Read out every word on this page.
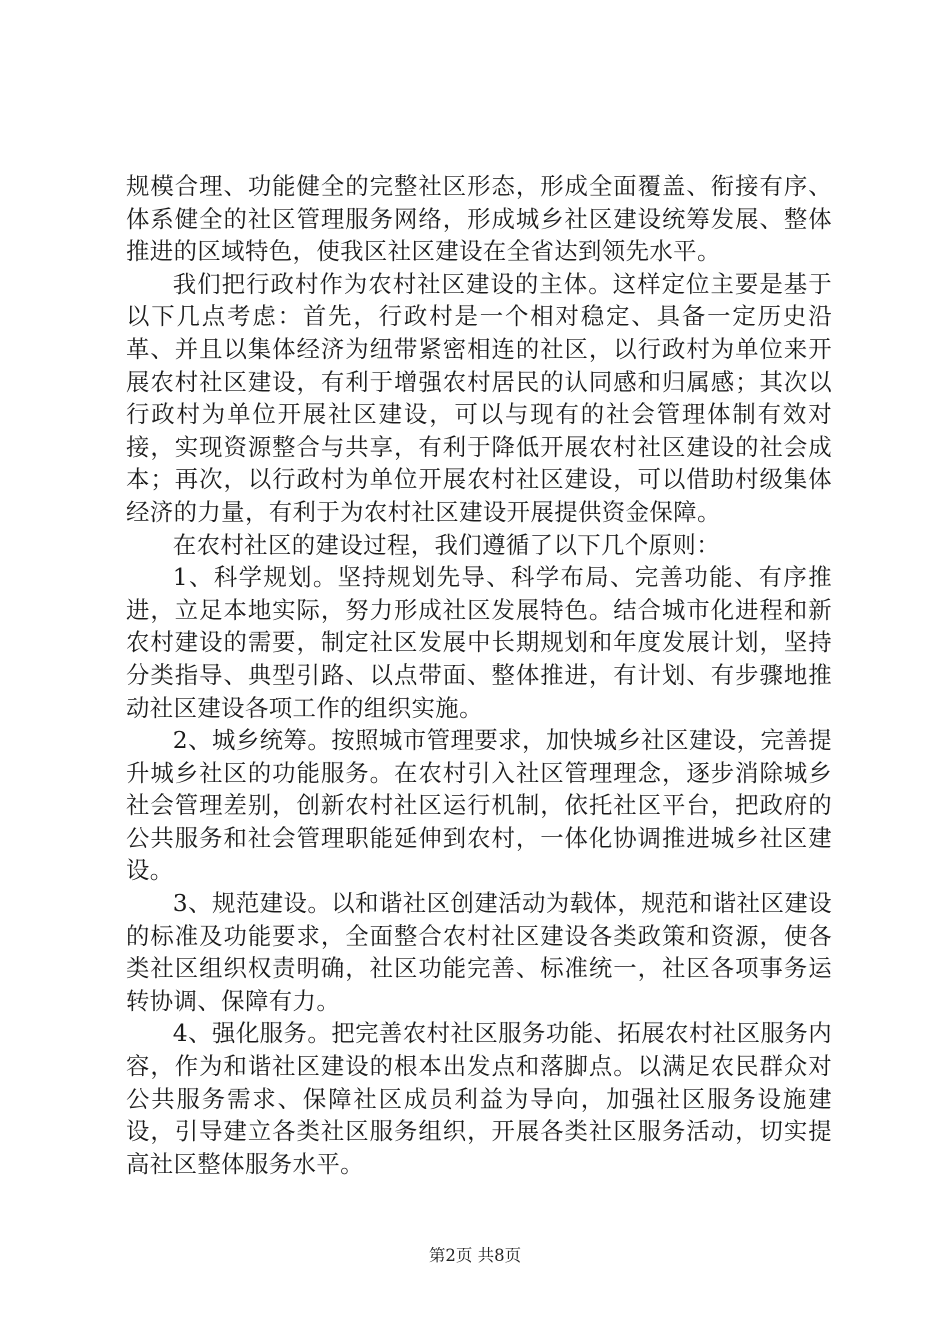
规模合理、功能健全的完整社区形态，形成全面覆盖、衔接有序、体系健全的社区管理服务网络，形成城乡社区建设统筹发展、整体推进的区域特色，使我区社区建设在全省达到领先水平。

我们把行政村作为农村社区建设的主体。这样定位主要是基于以下几点考虑：首先，行政村是一个相对稳定、具备一定历史沿革、并且以集体经济为纽带紧密相连的社区，以行政村为单位来开展农村社区建设，有利于增强农村居民的认同感和归属感；其次以行政村为单位开展社区建设，可以与现有的社会管理体制有效对接，实现资源整合与共享，有利于降低开展农村社区建设的社会成本；再次，以行政村为单位开展农村社区建设，可以借助村级集体经济的力量，有利于为农村社区建设开展提供资金保障。

在农村社区的建设过程，我们遵循了以下几个原则：

1、科学规划。坚持规划先导、科学布局、完善功能、有序推进，立足本地实际，努力形成社区发展特色。结合城市化进程和新农村建设的需要，制定社区发展中长期规划和年度发展计划，坚持分类指导、典型引路、以点带面、整体推进，有计划、有步骤地推动社区建设各项工作的组织实施。

2、城乡统筹。按照城市管理要求，加快城乡社区建设，完善提升城乡社区的功能服务。在农村引入社区管理理念，逐步消除城乡社会管理差别，创新农村社区运行机制，依托社区平台，把政府的公共服务和社会管理职能延伸到农村，一体化协调推进城乡社区建设。

3、规范建设。以和谐社区创建活动为载体，规范和谐社区建设的标准及功能要求，全面整合农村社区建设各类政策和资源，使各类社区组织权责明确，社区功能完善、标准统一，社区各项事务运转协调、保障有力。

4、强化服务。把完善农村社区服务功能、拓展农村社区服务内容，作为和谐社区建设的根本出发点和落脚点。以满足农民群众对公共服务需求、保障社区成员利益为导向，加强社区服务设施建设，引导建立各类社区服务组织，开展各类社区服务活动，切实提高社区整体服务水平。

第2页 共8页
